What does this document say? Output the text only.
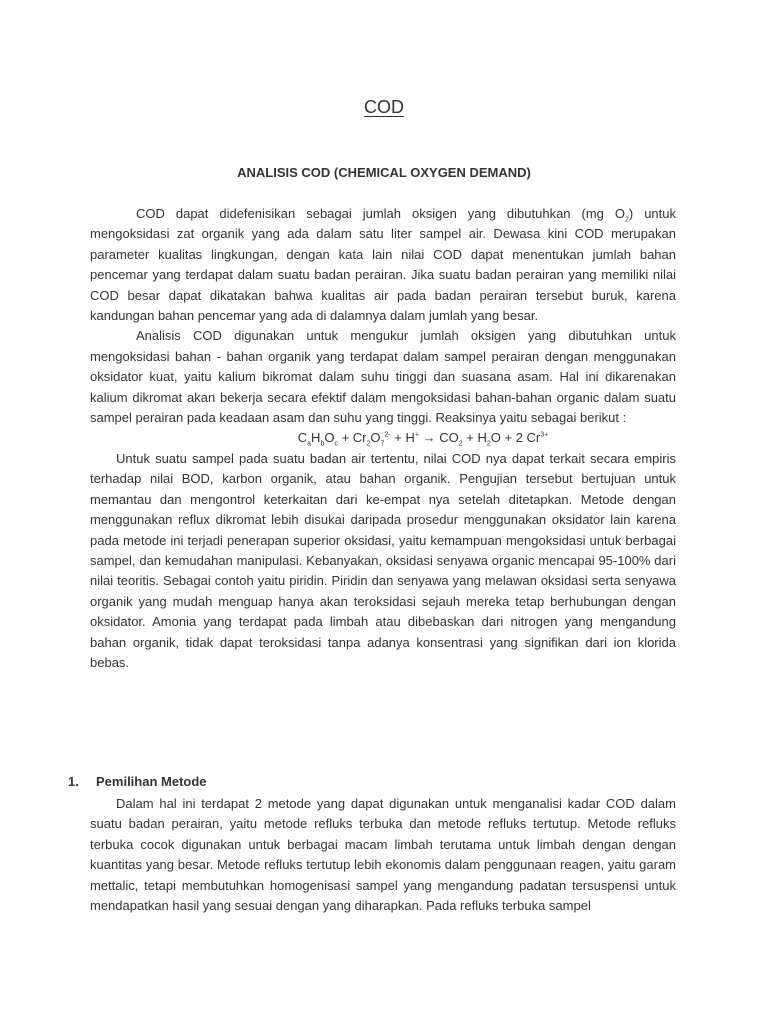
COD
ANALISIS COD (CHEMICAL OXYGEN DEMAND)

COD dapat didefenisikan sebagai jumlah oksigen yang dibutuhkan (mg $O_2$) untuk mengoksidasi zat organik yang ada dalam satu liter sampel air. Dewasa kini COD merupakan parameter kualitas lingkungan, dengan kata lain nilai COD dapat menentukan jumlah bahan pencemar yang terdapat dalam suatu badan perairan. Jika suatu badan perairan yang memiliki nilai COD besar dapat dikatakan bahwa kualitas air pada badan perairan tersebut buruk, karena kandungan bahan pencemar yang ada di dalamnya dalam jumlah yang besar.

Analisis COD digunakan untuk mengukur jumlah oksigen yang dibutuhkan untuk mengoksidasi bahan - bahan organik yang terdapat dalam sampel perairan dengan menggunakan oksidator kuat, yaitu kalium bikromat dalam suhu tinggi dan suasana asam. Hal ini dikarenakan kalium dikromat akan bekerja secara efektif dalam mengoksidasi bahan-bahan organic dalam suatu sampel perairan pada keadaan asam dan suhu yang tinggi. Reaksinya yaitu sebagai berikut :

$C_aH_bO_c + Cr_2O_7^{2-} + H^+ \to CO_2 + H_2O + 2$ $Cr^{3+}$

Untuk suatu sampel pada suatu badan air tertentu, nilai COD nya dapat terkait secara empiris terhadap nilai BOD, karbon organik, atau bahan organik. Pengujian tersebut bertujuan untuk memantau dan mengontrol keterkaitan dari ke-empat nya setelah ditetapkan. Metode dengan menggunakan reflux dikromat lebih disukai daripada prosedur menggunakan oksidator lain karena pada metode ini terjadi penerapan superior oksidasi, yaitu kemampuan mengoksidasi untuk berbagai sampel, dan kemudahan manipulasi. Kebanyakan, oksidasi senyawa organic mencapai 95-100% dari nilai teoritis. Sebagai contoh yaitu piridin. Piridin dan senyawa yang melawan oksidasi serta senyawa organik yang mudah menguap hanya akan teroksidasi sejauh mereka tetap berhubungan dengan oksidator. Amonia yang terdapat pada limbah atau dibebaskan dari nitrogen yang mengandung bahan organik, tidak dapat teroksidasi tanpa adanya konsentrasi yang signifikan dari ion klorida bebas.

1. Pemilihan Metode

Dalam hal ini terdapat 2 metode yang dapat digunakan untuk menganalisi kadar COD dalam suatu badan perairan, yaitu metode refluks terbuka dan metode refluks tertutup. Metode refluks terbuka cocok digunakan untuk berbagai macam limbah terutama untuk limbah dengan dengan kuantitas yang besar. Metode refluks tertutup lebih ekonomis dalam penggunaan reagen, yaitu garam mettalic, tetapi membutuhkan homogenisasi sampel yang mengandung padatan tersuspensi untuk mendapatkan hasil yang sesuai dengan yang diharapkan. Pada refluks terbuka sampel
